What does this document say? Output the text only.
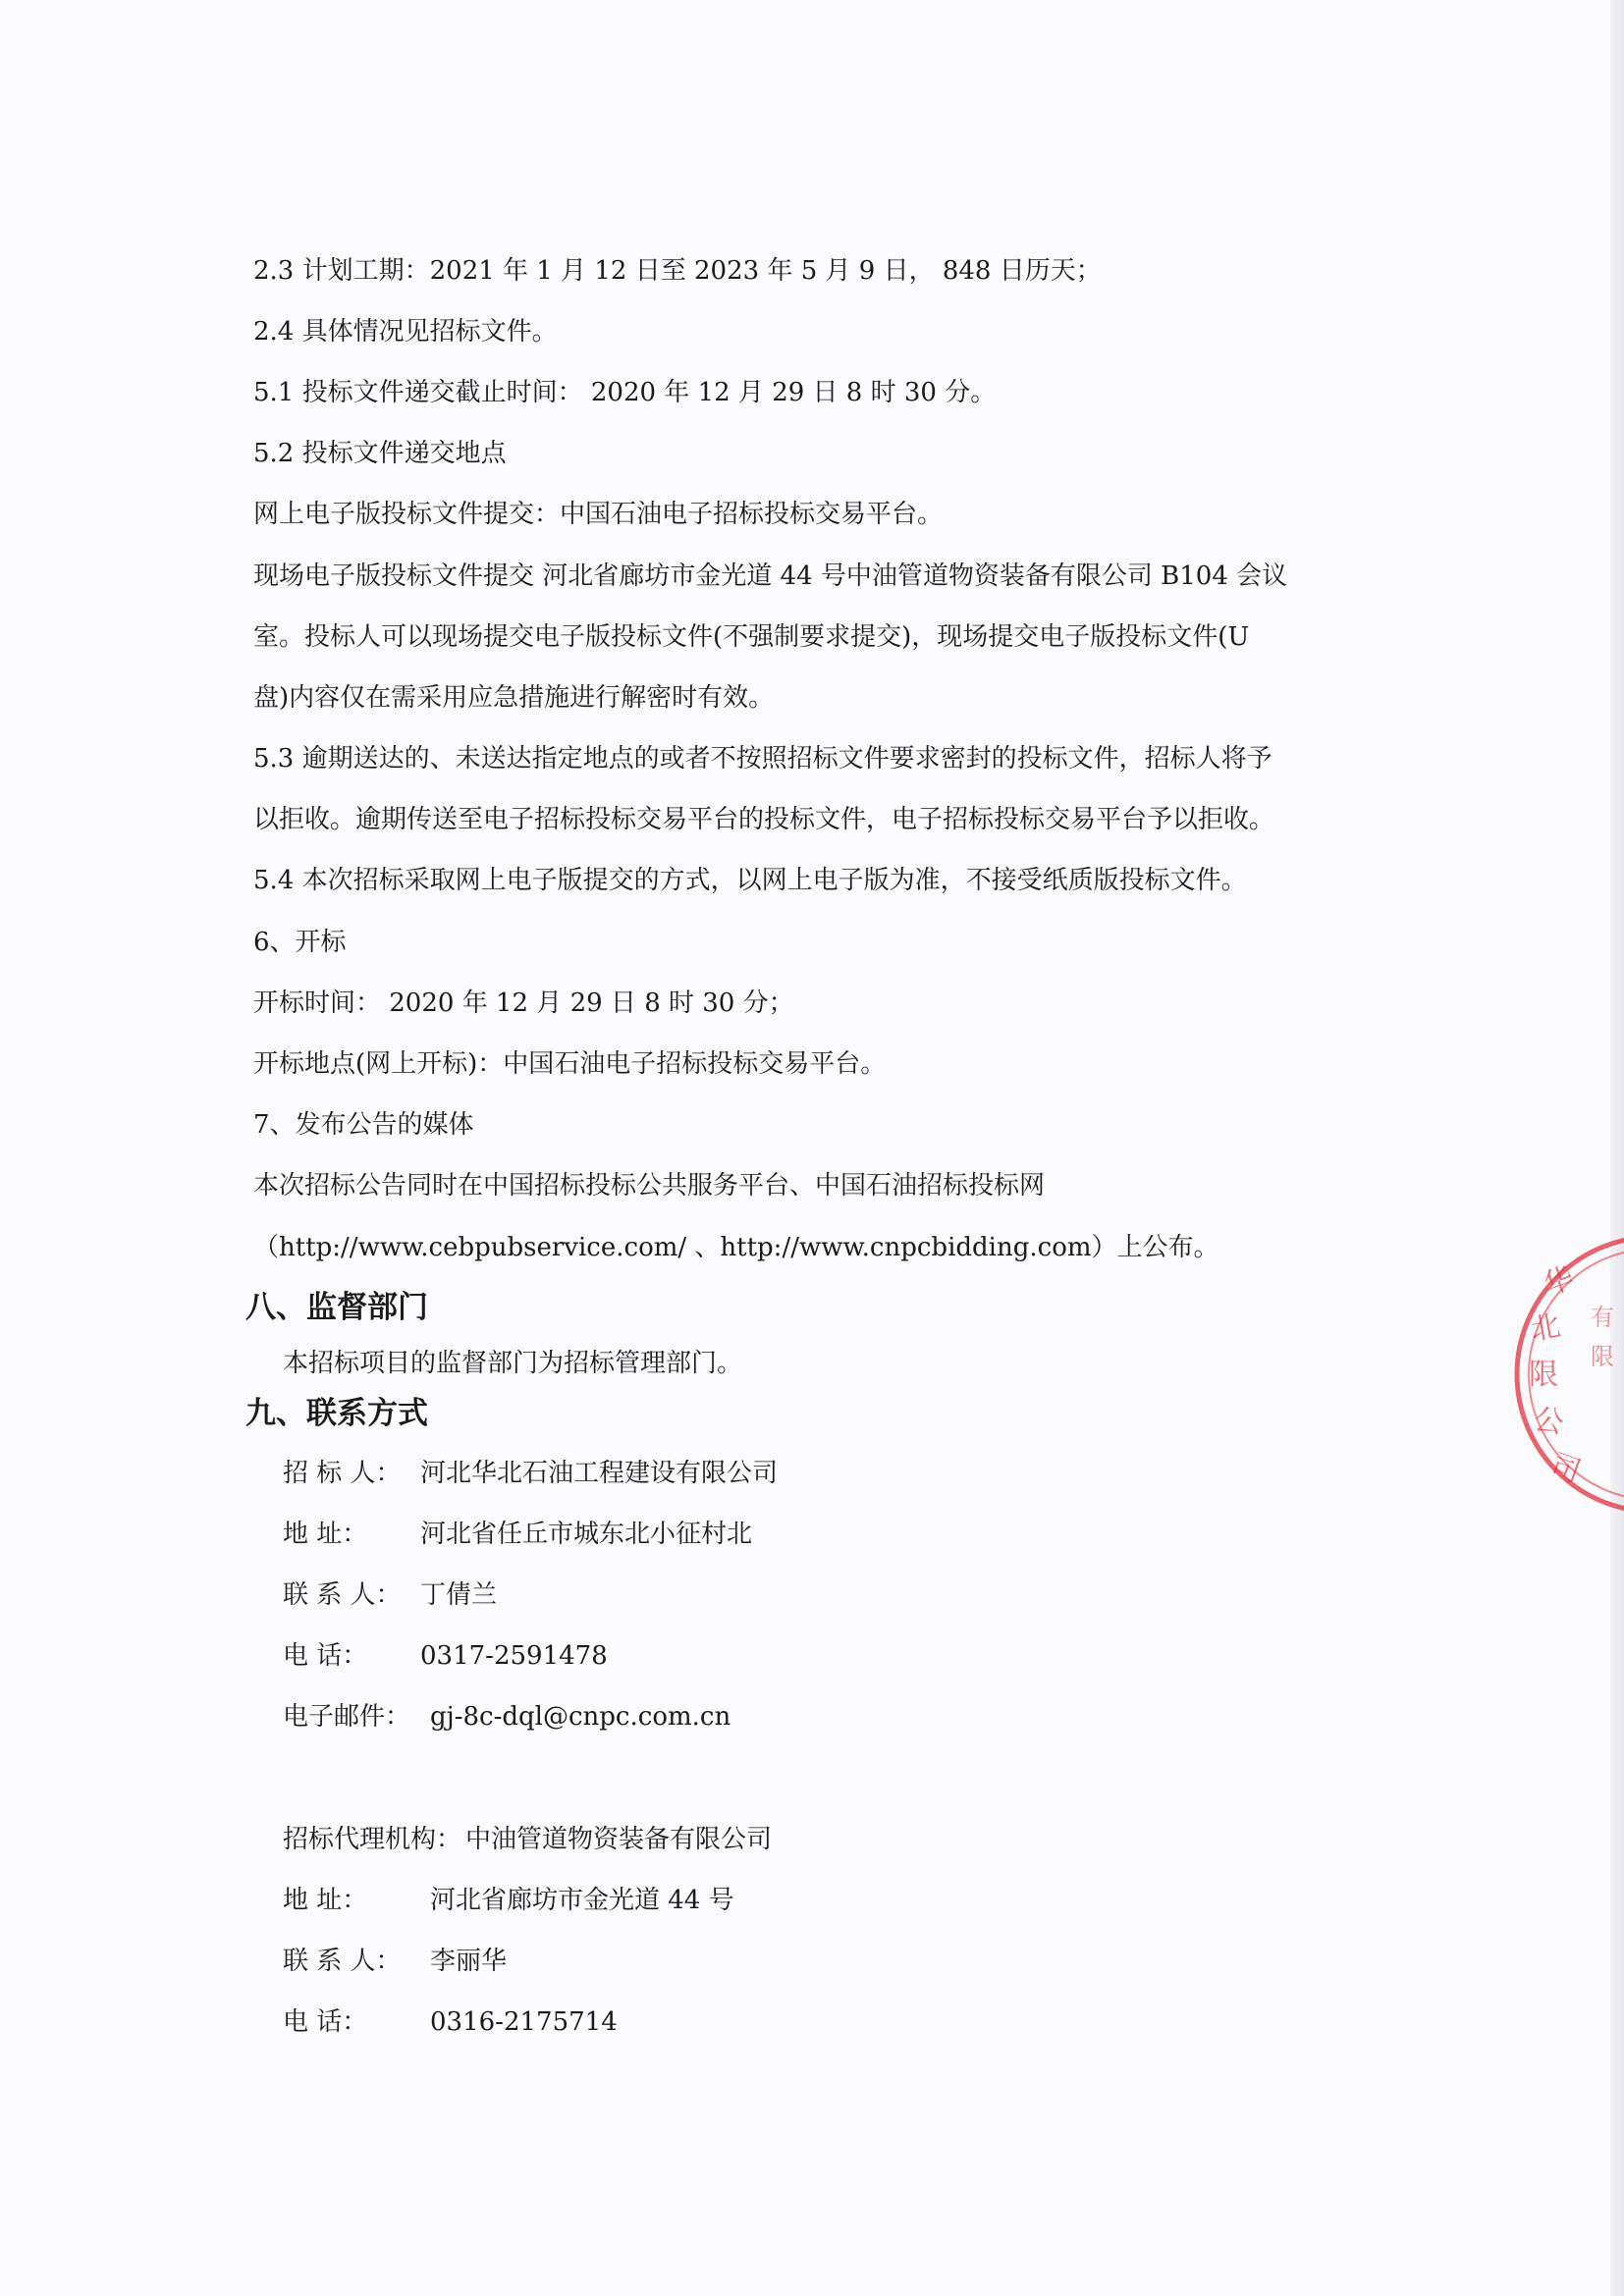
2.3 计划工期：2021 年 1 月 12 日至 2023 年 5 月 9 日， 848 日历天；
2.4 具体情况见招标文件。
5.1 投标文件递交截止时间： 2020 年 12 月 29 日 8 时 30 分。
5.2 投标文件递交地点
网上电子版投标文件提交：中国石油电子招标投标交易平台。
现场电子版投标文件提交 河北省廊坊市金光道 44 号中油管道物资装备有限公司 B104 会议
室。投标人可以现场提交电子版投标文件(不强制要求提交)，现场提交电子版投标文件(U
盘)内容仅在需采用应急措施进行解密时有效。
5.3 逾期送达的、未送达指定地点的或者不按照招标文件要求密封的投标文件，招标人将予
以拒收。逾期传送至电子招标投标交易平台的投标文件，电子招标投标交易平台予以拒收。
5.4 本次招标采取网上电子版提交的方式，以网上电子版为准，不接受纸质版投标文件。
6、开标
开标时间： 2020 年 12 月 29 日 8 时 30 分；
开标地点(网上开标)：中国石油电子招标投标交易平台。
7、发布公告的媒体
本次招标公告同时在中国招标投标公共服务平台、中国石油招标投标网
（http://www.cebpubservice.com/ 、http://www.cnpcbidding.com）上公布。
八、监督部门
本招标项目的监督部门为招标管理部门。
九、联系方式
招 标 人： 河北华北石油工程建设有限公司
地 址： 河北省任丘市城东北小征村北
联 系 人： 丁倩兰
电 话： 0317-2591478
电子邮件： gj-8c-dql@cnpc.com.cn
招标代理机构： 中油管道物资装备有限公司
地 址： 河北省廊坊市金光道 44 号
联 系 人： 李丽华
电 话： 0316-2175714
华
北
限
公
司
有
限
